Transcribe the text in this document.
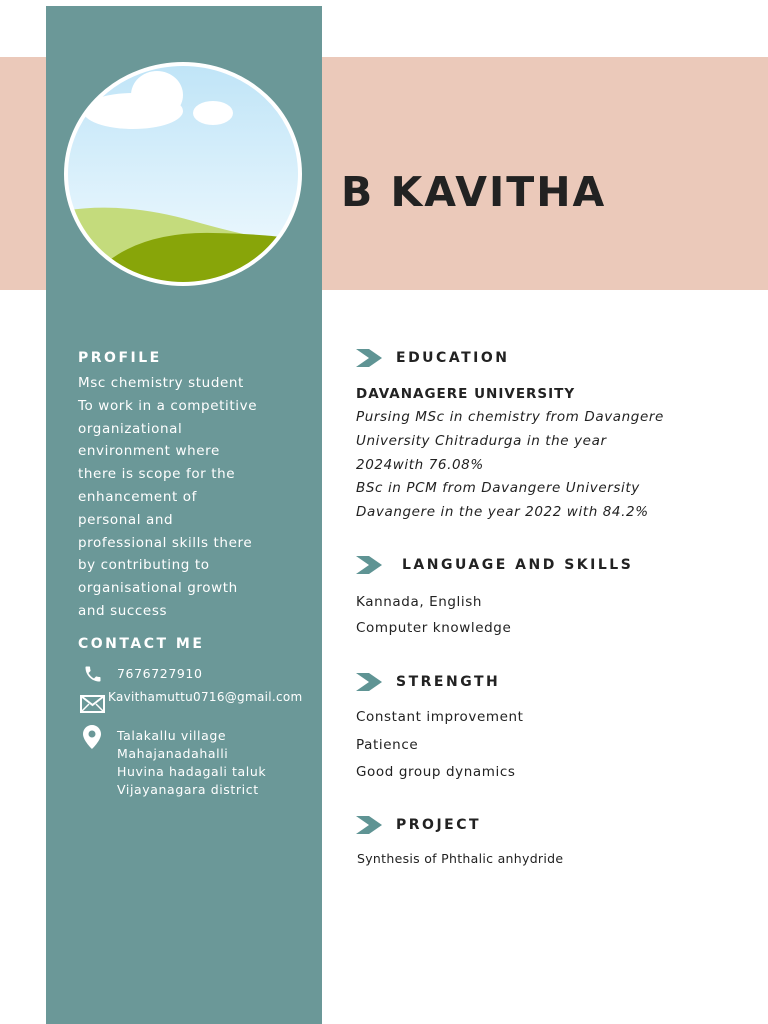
B KAVITHA
PROFILE
Msc chemistry student
To work in a competitive
organizational
environment where
there is scope for the
enhancement of
personal and
professional skills there
by contributing to
organisational growth
and success
CONTACT ME
7676727910
Kavithamuttu0716@gmail.com
Talakallu village
Mahajanadahalli
Huvina hadagali taluk
Vijayanagara district
EDUCATION
DAVANAGERE UNIVERSITY
Pursing MSc in chemistry from Davangere
University Chitradurga in the year
2024with 76.08%
BSc in PCM from Davangere University
Davangere in the year 2022 with 84.2%
LANGUAGE AND SKILLS
Kannada, English
Computer knowledge
STRENGTH
Constant improvement
Patience
Good group dynamics
PROJECT
Synthesis of Phthalic anhydride
